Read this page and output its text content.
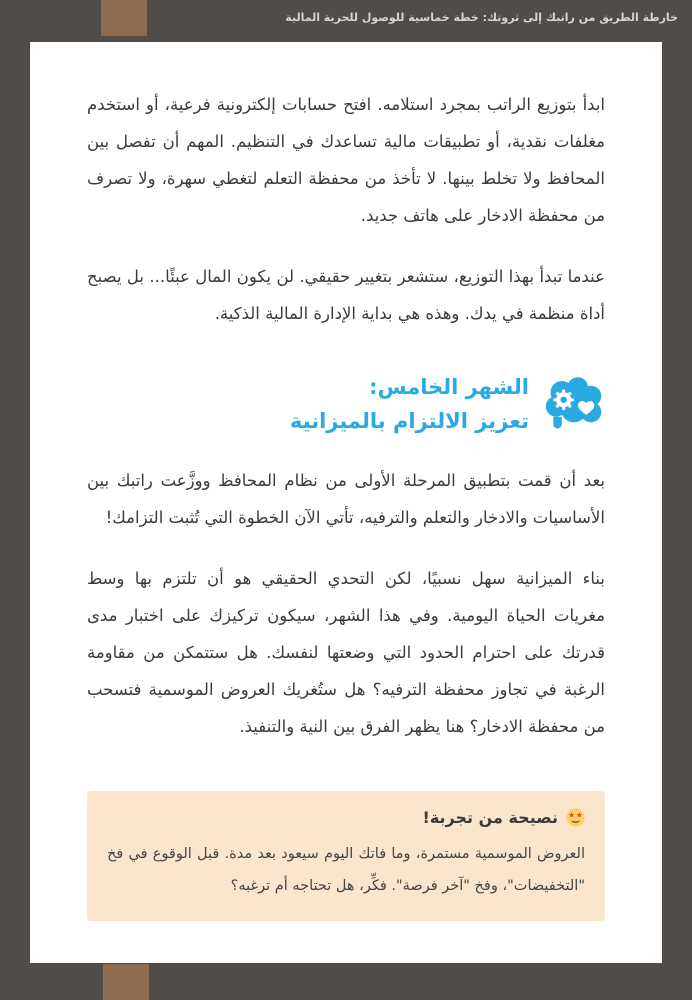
خارطة الطريق من راتبك إلى ثروتك: خطة خماسية للوصول للحرية المالية

ابدأ بتوزيع الراتب بمجرد استلامه. افتح حسابات إلكترونية فرعية، أو استخدم مغلفات نقدية، أو تطبيقات مالية تساعدك في التنظيم. المهم أن تفصل بين المحافظ ولا تخلط بينها. لا تأخذ من محفظة التعلم لتغطي سهرة، ولا تصرف من محفظة الادخار على هاتف جديد.

عندما تبدأ بهذا التوزيع، ستشعر بتغيير حقيقي. لن يكون المال عبئًا... بل يصبح أداة منظمة في يدك. وهذه هي بداية الإدارة المالية الذكية.

الشهر الخامس:
تعزيز الالتزام بالميزانية

بعد أن قمت بتطبيق المرحلة الأولى من نظام المحافظ ووزَّعت راتبك بين الأساسيات والادخار والتعلم والترفيه، تأتي الآن الخطوة التي تُثبت التزامك!

بناء الميزانية سهل نسبيًا، لكن التحدي الحقيقي هو أن تلتزم بها وسط مغريات الحياة اليومية. وفي هذا الشهر، سيكون تركيزك على اختبار مدى قدرتك على احترام الحدود التي وضعتها لنفسك. هل ستتمكن من مقاومة الرغبة في تجاوز محفظة الترفيه؟ هل ستُغريك العروض الموسمية فتسحب من محفظة الادخار؟ هنا يظهر الفرق بين النية والتنفيذ.

نصيحة من تجربة!

العروض الموسمية مستمرة، وما فاتك اليوم سيعود بعد مدة. قبل الوقوع في فخ "التخفيضات"، وفخ "آخر فرصة". فكِّر، هل تحتاجه أم ترغبه؟
